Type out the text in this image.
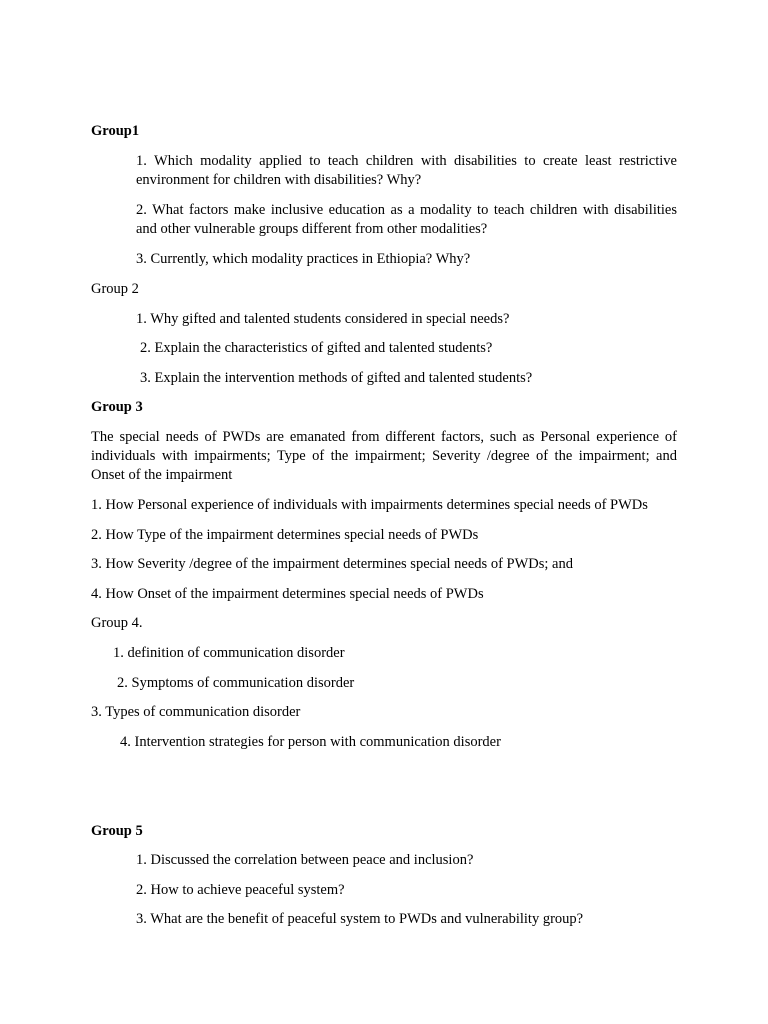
Group1
1. Which modality applied to teach children with disabilities to create least restrictive environment for children with disabilities? Why?
2. What factors make inclusive education as a modality to teach children with disabilities and other vulnerable groups different from other modalities?
3. Currently, which modality practices in Ethiopia? Why?
Group 2
1. Why gifted and talented students considered in special needs?
2. Explain the characteristics of gifted and talented students?
3. Explain the intervention methods of gifted and talented students?
Group 3
The special needs of PWDs are emanated from different factors, such as Personal experience of individuals with impairments; Type of the impairment; Severity /degree of the impairment; and Onset of the impairment
1. How Personal experience of individuals with impairments determines special needs of PWDs
2. How Type of the impairment determines special needs of PWDs
3. How Severity /degree of the impairment determines special needs of PWDs; and
4. How Onset of the impairment determines special needs of PWDs
Group 4.
1. definition of communication disorder
2. Symptoms of communication disorder
3. Types of communication disorder
4. Intervention strategies for person with communication disorder
Group 5
1. Discussed the correlation between peace and inclusion?
2. How to achieve peaceful system?
3. What are the benefit of peaceful system to PWDs and vulnerability group?
